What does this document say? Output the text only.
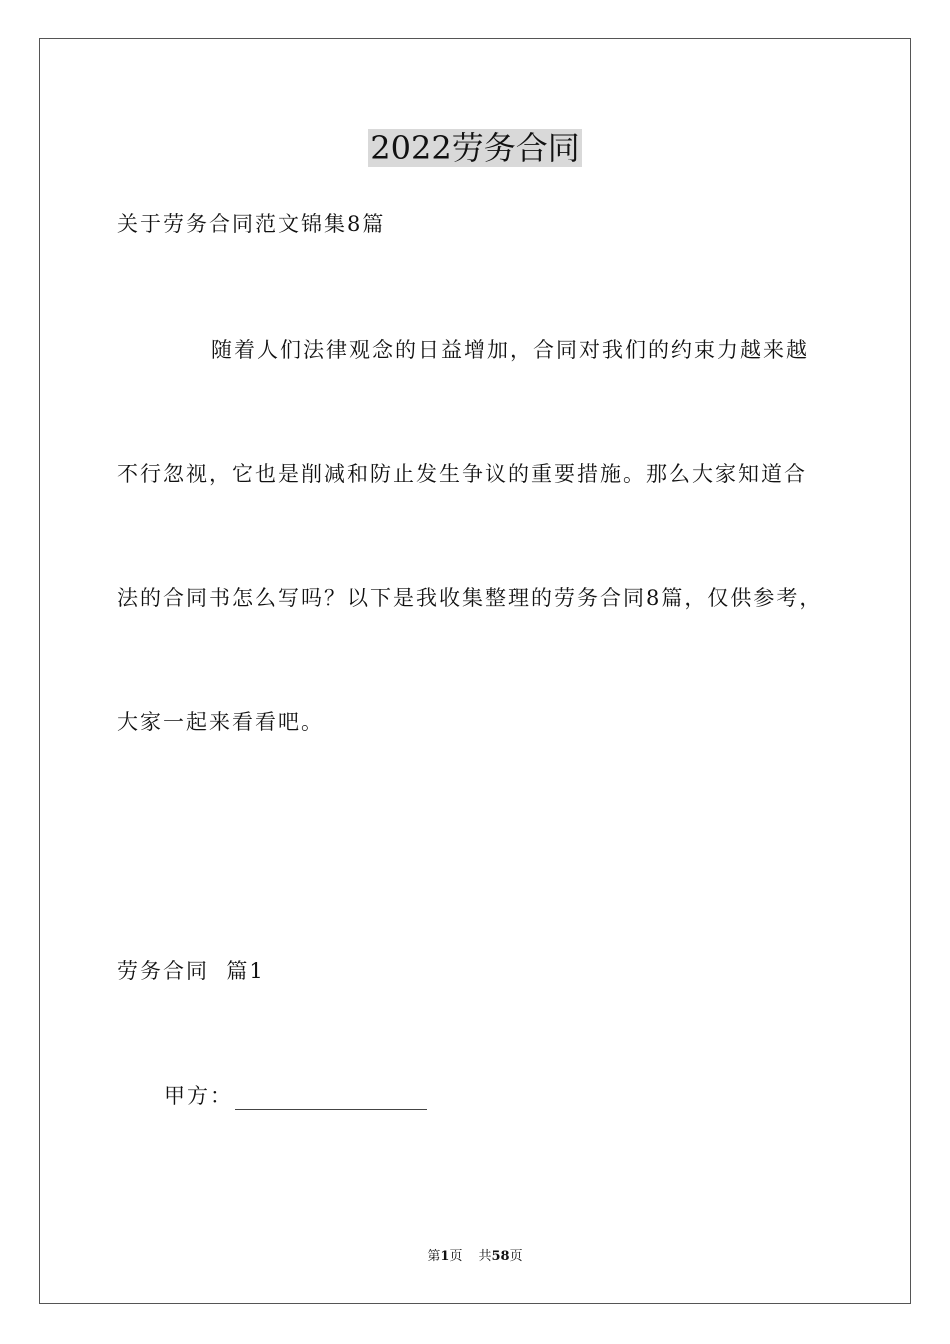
2022劳务合同
关于劳务合同范文锦集8篇
随着人们法律观念的日益增加，合同对我们的约束力越来越
不行忽视，它也是削减和防止发生争议的重要措施。那么大家知道合
法的合同书怎么写吗？以下是我收集整理的劳务合同8篇，仅供参考，
大家一起来看看吧。
劳务合同  篇1
甲方：
第1页 共58页
